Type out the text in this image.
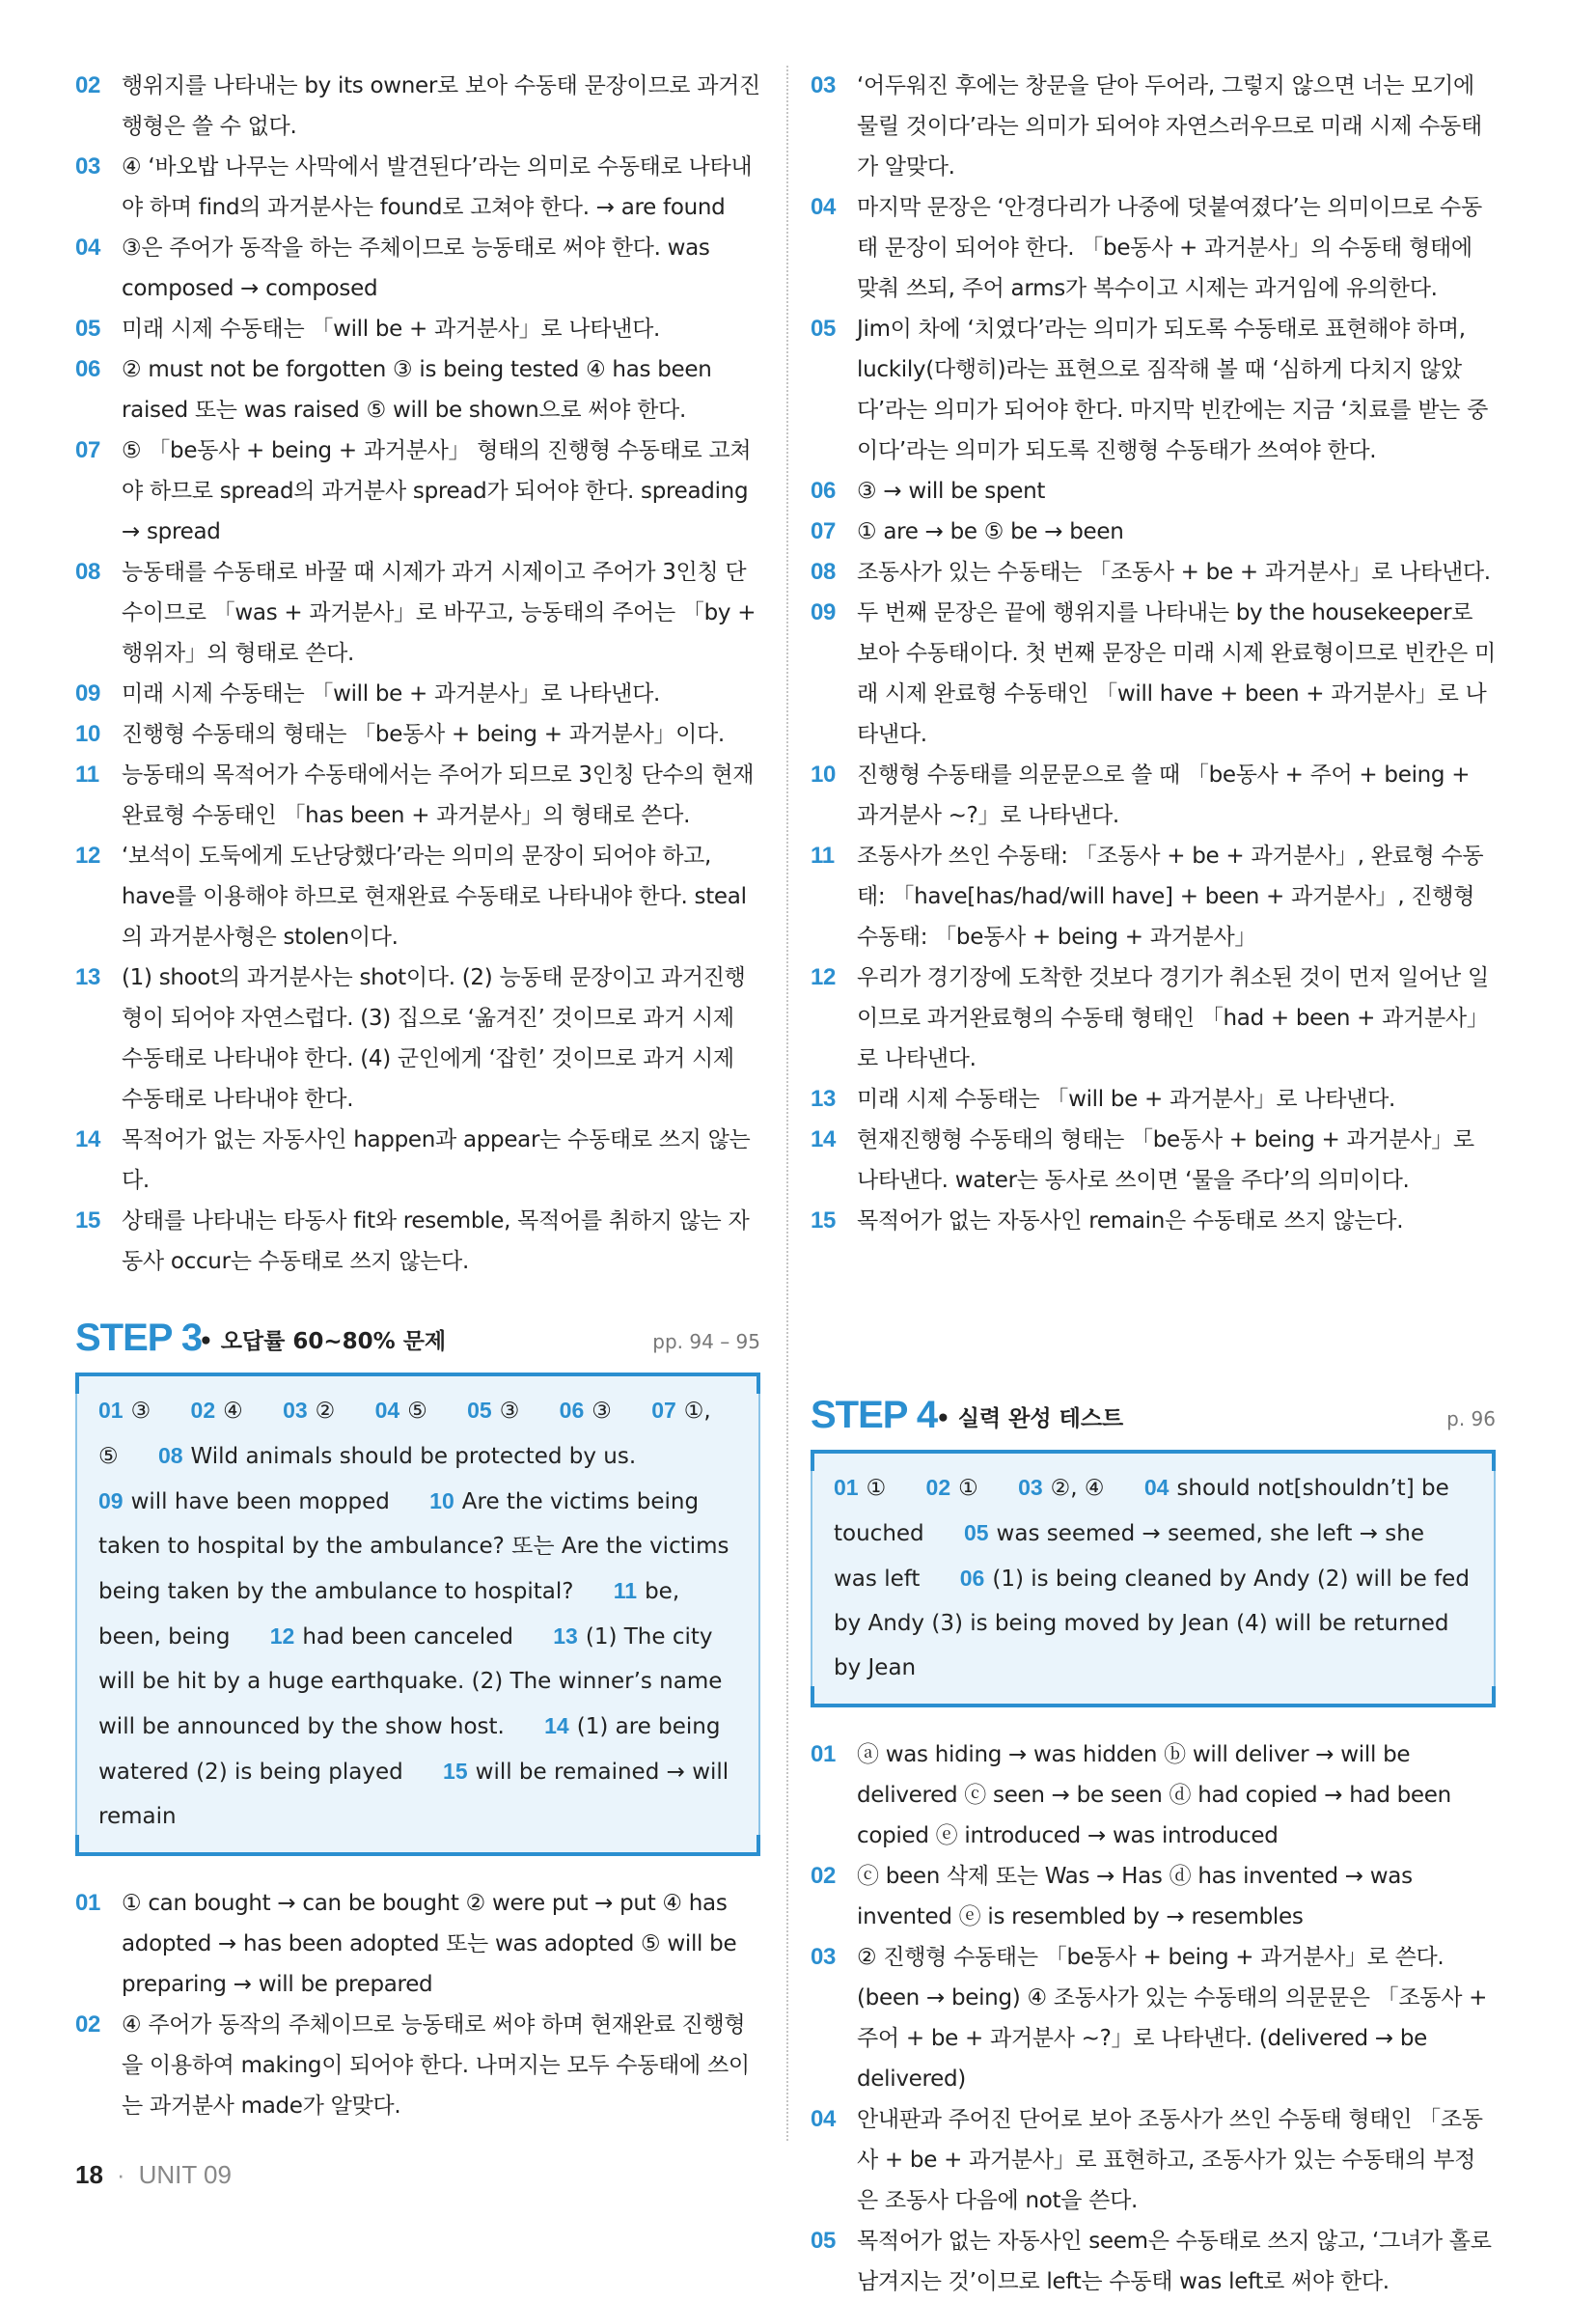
02 행위지를 나타내는 by its owner로 보아 수동태 문장이므로 과거진행형은 쓸 수 없다.
03 ④ ‘바오밥 나무는 사막에서 발견된다’라는 의미로 수동태로 나타내야 하며 find의 과거분사는 found로 고쳐야 한다. → are found
04 ③은 주어가 동작을 하는 주체이므로 능동태로 써야 한다. was composed → composed
05 미래 시제 수동태는 「will be + 과거분사」로 나타낸다.
06 ② must not be forgotten ③ is being tested ④ has been raised 또는 was raised ⑤ will be shown으로 써야 한다.
07 ⑤ 「be동사 + being + 과거분사」 형태의 진행형 수동태로 고쳐야 하므로 spread의 과거분사 spread가 되어야 한다. spreading → spread
08 능동태를 수동태로 바꿀 때 시제가 과거 시제이고 주어가 3인칭 단수이므로 「was + 과거분사」로 바꾸고, 능동태의 주어는 「by + 행위자」의 형태로 쓴다.
09 미래 시제 수동태는 「will be + 과거분사」로 나타낸다.
10 진행형 수동태의 형태는 「be동사 + being + 과거분사」이다.
11 능동태의 목적어가 수동태에서는 주어가 되므로 3인칭 단수의 현재완료형 수동태인 「has been + 과거분사」의 형태로 쓴다.
12 ‘보석이 도둑에게 도난당했다’라는 의미의 문장이 되어야 하고, have를 이용해야 하므로 현재완료 수동태로 나타내야 한다. steal의 과거분사형은 stolen이다.
13 (1) shoot의 과거분사는 shot이다. (2) 능동태 문장이고 과거진행형이 되어야 자연스럽다. (3) 집으로 ‘옮겨진’ 것이므로 과거 시제 수동태로 나타내야 한다. (4) 군인에게 ‘잡힌’ 것이므로 과거 시제 수동태로 나타내야 한다.
14 목적어가 없는 자동사인 happen과 appear는 수동태로 쓰지 않는다.
15 상태를 나타내는 타동사 fit와 resemble, 목적어를 취하지 않는 자동사 occur는 수동태로 쓰지 않는다.
STEP 3
• 오답률 60~80% 문제	pp. 94 – 95
01 ③ 02 ④ 03 ② 04 ⑤ 05 ③ 06 ③ 07 ①, ⑤ 08 Wild animals should be protected by us. 09 will have been mopped 10 Are the victims being taken to hospital by the ambulance? 또는 Are the victims being taken by the ambulance to hospital? 11 be, been, being 12 had been canceled 13 (1) The city will be hit by a huge earthquake. (2) The winner’s name will be announced by the show host. 14 (1) are being watered (2) is being played 15 will be remained → will remain
01 ① can bought → can be bought ② were put → put ④ has adopted → has been adopted 또는 was adopted ⑤ will be preparing → will be prepared
02 ④ 주어가 동작의 주체이므로 능동태로 써야 하며 현재완료 진행형을 이용하여 making이 되어야 한다. 나머지는 모두 수동태에 쓰이는 과거분사 made가 알맞다.
03 ‘어두워진 후에는 창문을 닫아 두어라, 그렇지 않으면 너는 모기에 물릴 것이다’라는 의미가 되어야 자연스러우므로 미래 시제 수동태가 알맞다.
04 마지막 문장은 ‘안경다리가 나중에 덧붙여졌다’는 의미이므로 수동태 문장이 되어야 한다. 「be동사 + 과거분사」의 수동태 형태에 맞춰 쓰되, 주어 arms가 복수이고 시제는 과거임에 유의한다.
05 Jim이 차에 ‘치였다’라는 의미가 되도록 수동태로 표현해야 하며, luckily(다행히)라는 표현으로 짐작해 볼 때 ‘심하게 다치지 않았다’라는 의미가 되어야 한다. 마지막 빈칸에는 지금 ‘치료를 받는 중이다’라는 의미가 되도록 진행형 수동태가 쓰여야 한다.
06 ③ → will be spent
07 ① are → be ⑤ be → been
08 조동사가 있는 수동태는 「조동사 + be + 과거분사」로 나타낸다.
09 두 번째 문장은 끝에 행위지를 나타내는 by the housekeeper로 보아 수동태이다. 첫 번째 문장은 미래 시제 완료형이므로 빈칸은 미래 시제 완료형 수동태인 「will have + been + 과거분사」로 나타낸다.
10 진행형 수동태를 의문문으로 쓸 때 「be동사 + 주어 + being + 과거분사 ~?」로 나타낸다.
11 조동사가 쓰인 수동태: 「조동사 + be + 과거분사」, 완료형 수동태: 「have[has/had/will have] + been + 과거분사」, 진행형 수동태: 「be동사 + being + 과거분사」
12 우리가 경기장에 도착한 것보다 경기가 취소된 것이 먼저 일어난 일이므로 과거완료형의 수동태 형태인 「had + been + 과거분사」로 나타낸다.
13 미래 시제 수동태는 「will be + 과거분사」로 나타낸다.
14 현재진행형 수동태의 형태는 「be동사 + being + 과거분사」로 나타낸다. water는 동사로 쓰이면 ‘물을 주다’의 의미이다.
15 목적어가 없는 자동사인 remain은 수동태로 쓰지 않는다.
STEP 4
• 실력 완성 테스트	p. 96
01 ① 02 ① 03 ②, ④ 04 should not[shouldn’t] be touched 05 was seemed → seemed, she left → she was left 06 (1) is being cleaned by Andy (2) will be fed by Andy (3) is being moved by Jean (4) will be returned by Jean
01 ⓐ was hiding → was hidden ⓑ will deliver → will be delivered ⓒ seen → be seen ⓓ had copied → had been copied ⓔ introduced → was introduced
02 ⓒ been 삭제 또는 Was → Has ⓓ has invented → was invented ⓔ is resembled by → resembles
03 ② 진행형 수동태는 「be동사 + being + 과거분사」로 쓴다. (been → being) ④ 조동사가 있는 수동태의 의문문은 「조동사 + 주어 + be + 과거분사 ~?」로 나타낸다. (delivered → be delivered)
04 안내판과 주어진 단어로 보아 조동사가 쓰인 수동태 형태인 「조동사 + be + 과거분사」로 표현하고, 조동사가 있는 수동태의 부정은 조동사 다음에 not을 쓴다.
05 목적어가 없는 자동사인 seem은 수동태로 쓰지 않고, ‘그녀가 홀로 남겨지는 것’이므로 left는 수동태 was left로 써야 한다.
18 · UNIT 09
